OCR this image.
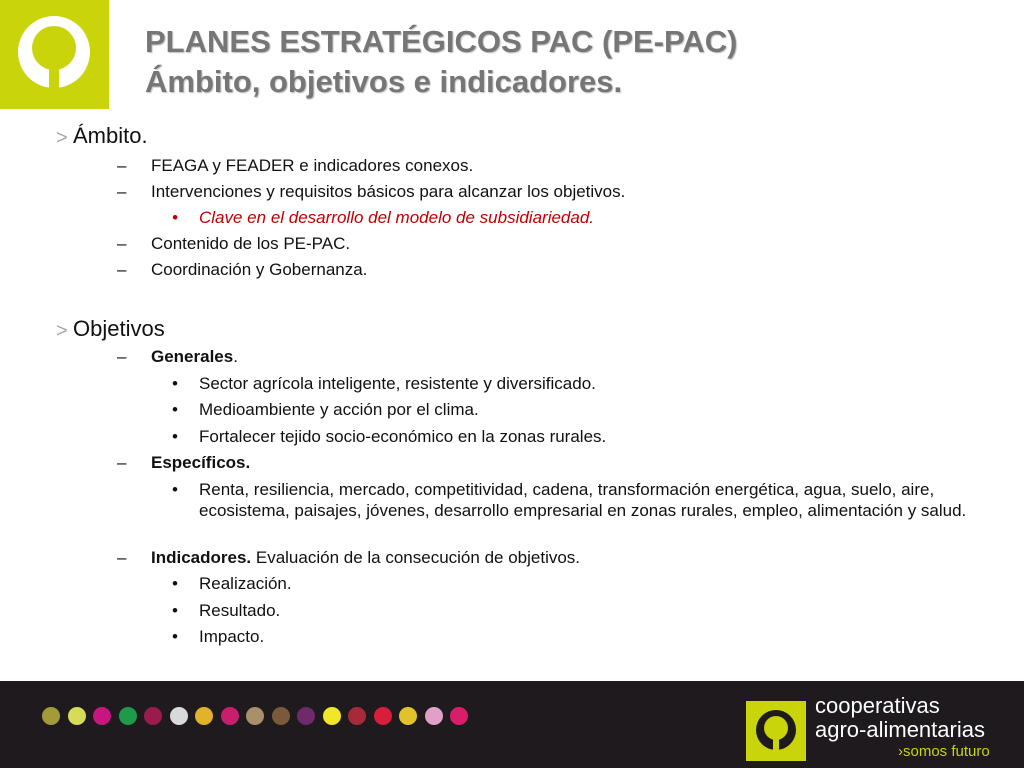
PLANES ESTRATÉGICOS PAC (PE-PAC)
Ámbito, objetivos e indicadores.
> Ámbito.
–	FEAGA y FEADER e indicadores conexos.
–	Intervenciones y requisitos básicos para alcanzar los objetivos.
•	Clave en el desarrollo del modelo de subsidiariedad.
–	Contenido de los PE-PAC.
–	Coordinación y Gobernanza.
> Objetivos
–	Generales.
•	Sector agrícola inteligente, resistente y diversificado.
•	Medioambiente y acción por el clima.
•	Fortalecer tejido socio-económico en la zonas rurales.
–	Específicos.
•	Renta, resiliencia, mercado, competitividad, cadena, transformación energética, agua, suelo, aire, ecosistema, paisajes, jóvenes, desarrollo empresarial en zonas rurales, empleo, alimentación y salud.
–	Indicadores. Evaluación de la consecución de objetivos.
•	Realización.
•	Resultado.
•	Impacto.
cooperativas
agro-alimentarias
›somos futuro
